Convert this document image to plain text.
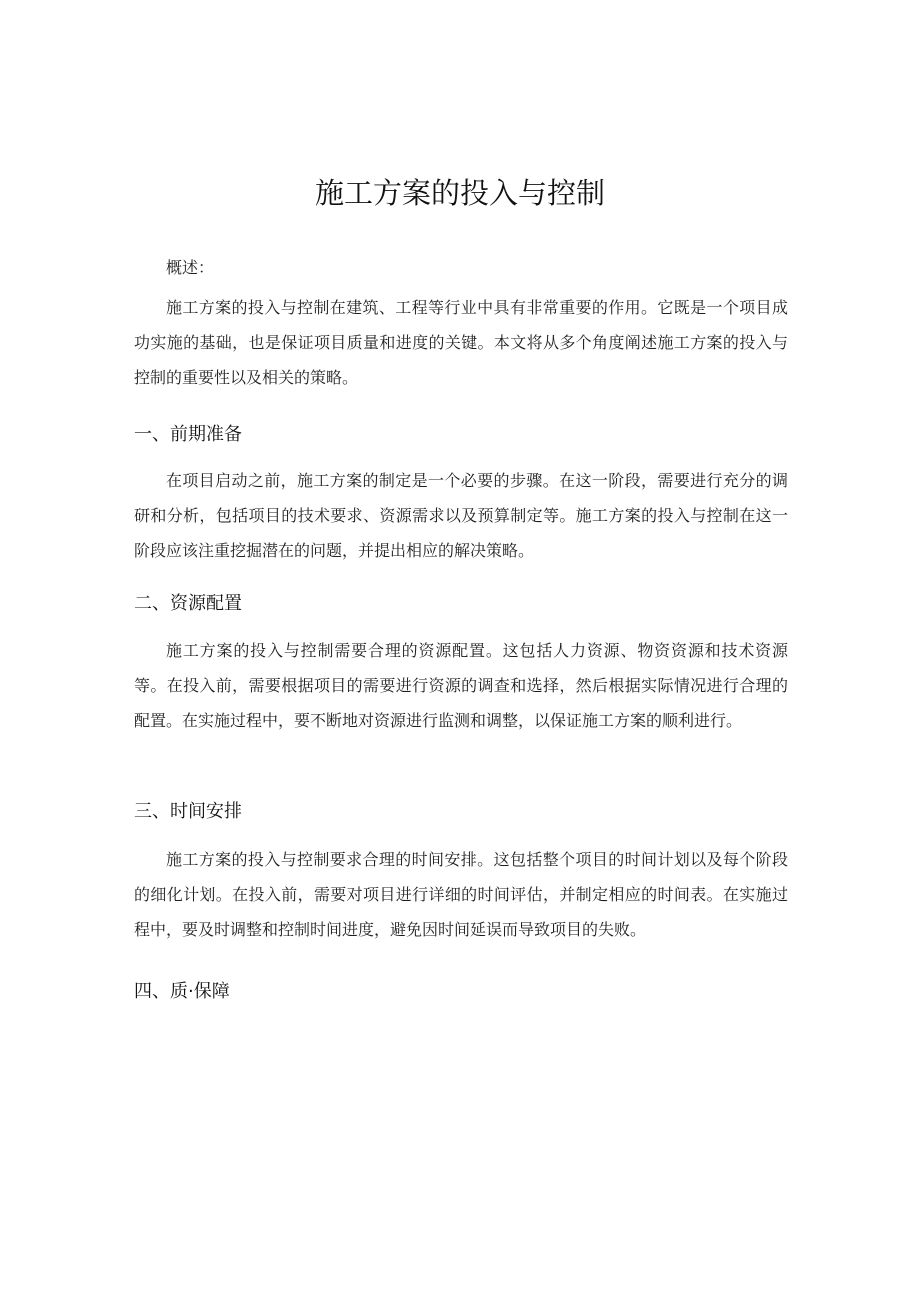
施工方案的投入与控制

概述：

施工方案的投入与控制在建筑、工程等行业中具有非常重要的作用。它既是一个项目成功实施的基础，也是保证项目质量和进度的关键。本文将从多个角度阐述施工方案的投入与控制的重要性以及相关的策略。

一、前期准备

在项目启动之前，施工方案的制定是一个必要的步骤。在这一阶段，需要进行充分的调研和分析，包括项目的技术要求、资源需求以及预算制定等。施工方案的投入与控制在这一阶段应该注重挖掘潜在的问题，并提出相应的解决策略。

二、资源配置

施工方案的投入与控制需要合理的资源配置。这包括人力资源、物资资源和技术资源等。在投入前，需要根据项目的需要进行资源的调查和选择，然后根据实际情况进行合理的配置。在实施过程中，要不断地对资源进行监测和调整，以保证施工方案的顺利进行。

三、时间安排

施工方案的投入与控制要求合理的时间安排。这包括整个项目的时间计划以及每个阶段的细化计划。在投入前，需要对项目进行详细的时间评估，并制定相应的时间表。在实施过程中，要及时调整和控制时间进度，避免因时间延误而导致项目的失败。

四、质·保障
